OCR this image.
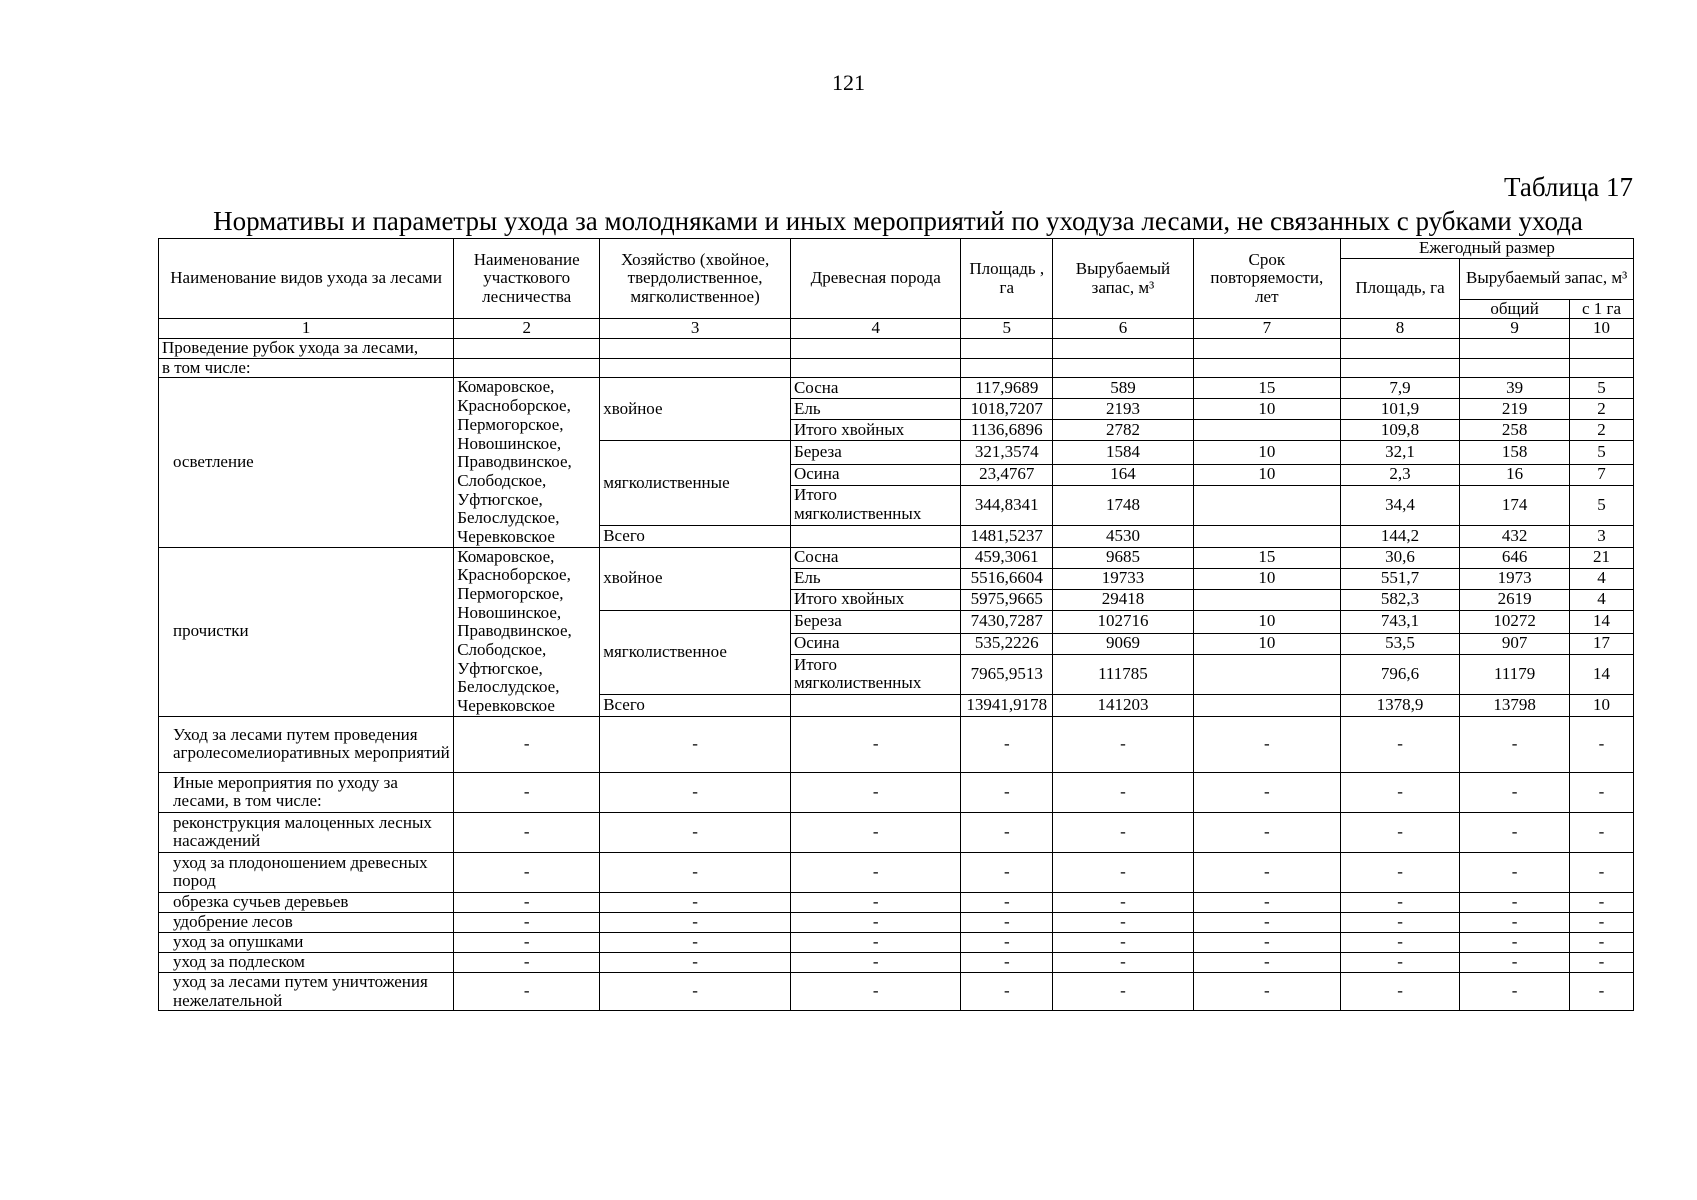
121
Таблица 17
Нормативы и параметры ухода за молодняками и иных мероприятий по уходуза лесами, не связанных с рубками ухода
Наименование видов ухода за лесами	Наименование участкового лесничества	Хозяйство (хвойное, твердолиственное, мягколиственное)	Древесная порода	Площадь , га	Вырубаемый запас, м³	Срок повторяемости, лет	Ежегодный размер		
							Площадь, га	Вырубаемый запас, м³	
								общий	с 1 га
1	2	3	4	5	6	7	8	9	10
Проведение рубок ухода за лесами,									
в том числе:									
осветление	Комаровское, Красноборское, Пермогорское, Новошинское, Праводвинское, Слободское, Уфтюгское, Белослудское, Черевковское	хвойное	Сосна	117,9689	589	15	7,9	39	5
			Ель	1018,7207	2193	10	101,9	219	2
			Итого хвойных	1136,6896	2782		109,8	258	2
		мягколиственные	Береза	321,3574	1584	10	32,1	158	5
			Осина	23,4767	164	10	2,3	16	7
			Итого мягколиственных	344,8341	1748		34,4	174	5
		Всего		1481,5237	4530		144,2	432	3
прочистки	Комаровское, Красноборское, Пермогорское, Новошинское, Праводвинское, Слободское, Уфтюгское, Белослудское, Черевковское	хвойное	Сосна	459,3061	9685	15	30,6	646	21
			Ель	5516,6604	19733	10	551,7	1973	4
			Итого хвойных	5975,9665	29418		582,3	2619	4
		мягколиственное	Береза	7430,7287	102716	10	743,1	10272	14
			Осина	535,2226	9069	10	53,5	907	17
			Итого мягколиственных	7965,9513	111785		796,6	11179	14
		Всего		13941,9178	141203		1378,9	13798	10
Уход за лесами путем проведения агролесомелиоративных мероприятий	-	-	-	-	-	-	-	-	-
Иные мероприятия по уходу за лесами, в том числе:	-	-	-	-	-	-	-	-	-
реконструкция малоценных лесных насаждений	-	-	-	-	-	-	-	-	-
уход за плодоношением древесных пород	-	-	-	-	-	-	-	-	-
обрезка сучьев деревьев	-	-	-	-	-	-	-	-	-
удобрение лесов	-	-	-	-	-	-	-	-	-
уход за опушками	-	-	-	-	-	-	-	-	-
уход за подлеском	-	-	-	-	-	-	-	-	-
уход за лесами путем уничтожения нежелательной	-	-	-	-	-	-	-	-	-
